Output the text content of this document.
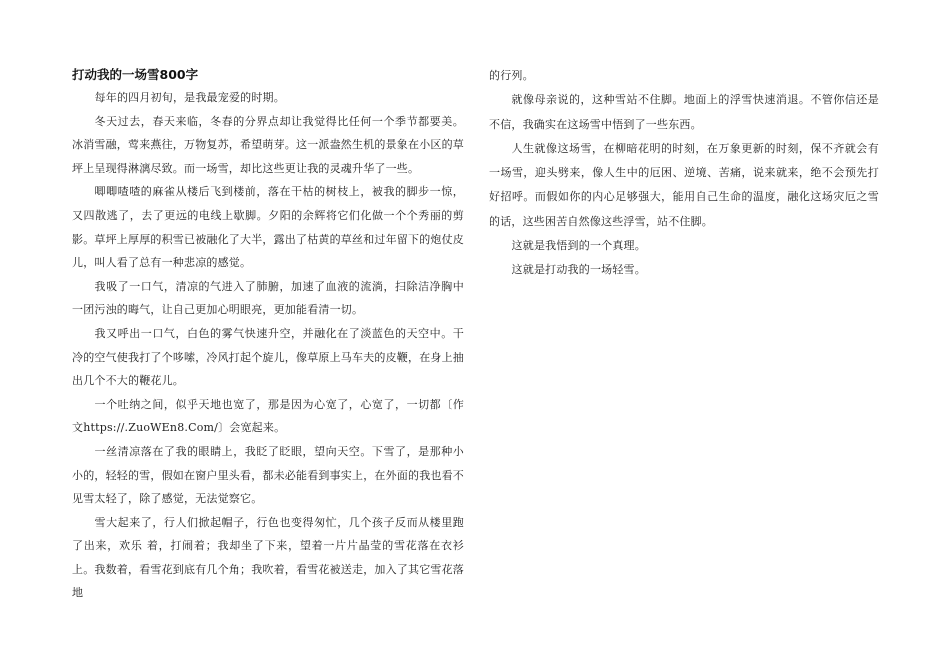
打动我的一场雪800字

每年的四月初旬，是我最宠爱的时期。

冬天过去，春天来临，冬春的分界点却让我觉得比任何一个季节都要美。冰消雪融，莺来燕往，万物复苏，希望萌芽。这一派盎然生机的景象在小区的草坪上呈现得淋漓尽致。而一场雪，却比这些更让我的灵魂升华了一些。

唧唧喳喳的麻雀从楼后飞到楼前，落在干枯的树枝上，被我的脚步一惊，又四散逃了，去了更远的电线上歇脚。夕阳的余辉将它们化做一个个秀丽的剪影。草坪上厚厚的积雪已被融化了大半，露出了枯黄的草丝和过年留下的炮仗皮儿，叫人看了总有一种悲凉的感觉。

我吸了一口气，清凉的气进入了肺腑，加速了血液的流淌，扫除洁净胸中一团污浊的晦气，让自己更加心明眼亮，更加能看清一切。

我又呼出一口气，白色的雾气快速升空，并融化在了淡蓝色的天空中。干冷的空气使我打了个哆嗦，冷风打起个旋儿，像草原上马车夫的皮鞭，在身上抽出几个不大的鞭花儿。

一个吐纳之间，似乎天地也宽了，那是因为心宽了，心宽了，一切都〔作文https://.ZuoWEn8.Com/〕会宽起来。

一丝清凉落在了我的眼睛上，我眨了眨眼，望向天空。下雪了，是那种小小的，轻轻的雪，假如在窗户里头看，都未必能看到事实上，在外面的我也看不见雪太轻了，除了感觉，无法觉察它。

雪大起来了，行人们掀起帽子，行色也变得匆忙，几个孩子反而从楼里跑了出来，欢乐 着，打闹着；我却坐了下来，望着一片片晶莹的雪花落在衣衫上。我数着，看雪花到底有几个角；我吹着，看雪花被送走，加入了其它雪花落地

的行列。

就像母亲说的，这种雪站不住脚。地面上的浮雪快速消退。不管你信还是不信，我确实在这场雪中悟到了一些东西。

人生就像这场雪，在柳暗花明的时刻，在万象更新的时刻，保不齐就会有一场雪，迎头劈来，像人生中的厄困、逆境、苦痛，说来就来，绝不会预先打好招呼。而假如你的内心足够强大，能用自己生命的温度，融化这场灾厄之雪的话，这些困苦自然像这些浮雪，站不住脚。

这就是我悟到的一个真理。

这就是打动我的一场轻雪。
